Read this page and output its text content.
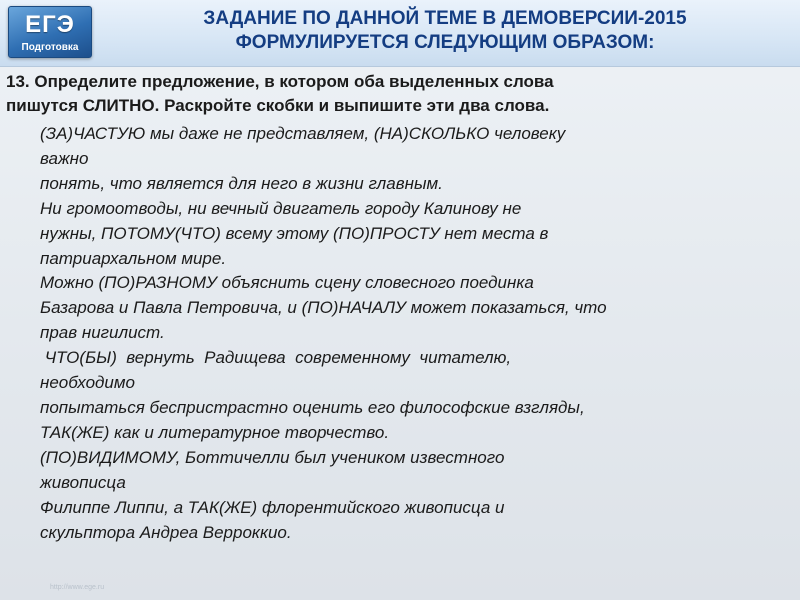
ЕГЭ
Подготовка
ЗАДАНИЕ ПО ДАННОЙ ТЕМЕ В ДЕМОВЕРСИИ-2015
ФОРМУЛИРУЕТСЯ СЛЕДУЮЩИМ ОБРАЗОМ:
13. Определите предложение, в котором оба выделенных слова
пишутся СЛИТНО. Раскройте скобки и выпишите эти два слова.
(ЗА)ЧАСТУЮ мы даже не представляем, (НА)СКОЛЬКО человеку
важно
понять, что является для него в жизни главным.
Ни громоотводы, ни вечный двигатель городу Калинову не
нужны, ПОТОМУ(ЧТО) всему этому (ПО)ПРОСТУ нет места в
патриархальном мире.
Можно (ПО)РАЗНОМУ объяснить сцену словесного поединка
Базарова и Павла Петровича, и (ПО)НАЧАЛУ может показаться, что
прав нигилист.
ЧТО(БЫ)  вернуть  Радищева  современному  читателю,
необходимо
попытаться беспристрастно оценить его философские взгляды,
ТАК(ЖЕ) как и литературное творчество.
(ПО)ВИДИМОМУ, Боттичелли был учеником известного
живописца
Филиппе Липпи, а ТАК(ЖЕ) флорентийского живописца и
скульптора Андреа Верроккио.
http://www.ege.ru
